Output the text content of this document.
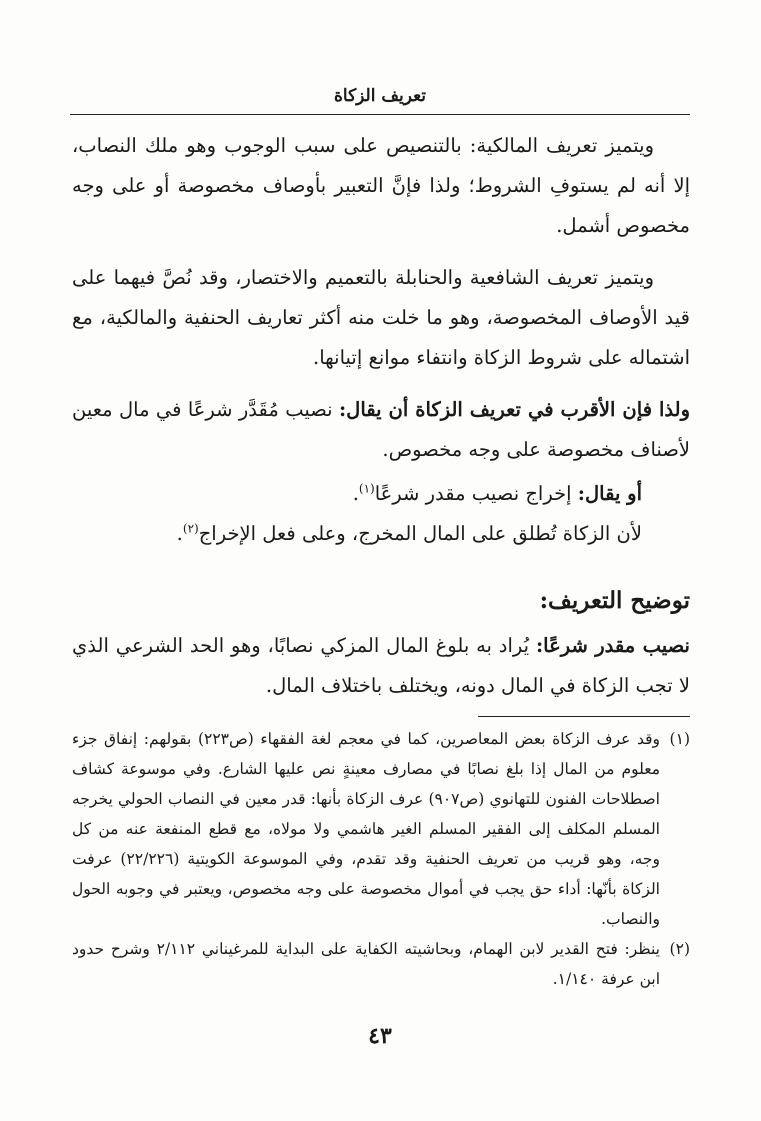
تعريف الزكاة

ويتميز تعريف المالكية: بالتنصيص على سبب الوجوب وهو ملك النصاب، إلا أنه لم يستوفِ الشروط؛ ولذا فإنَّ التعبير بأوصاف مخصوصة أو على وجه مخصوص أشمل.

ويتميز تعريف الشافعية والحنابلة بالتعميم والاختصار، وقد نُصَّ فيهما على قيد الأوصاف المخصوصة، وهو ما خلت منه أكثر تعاريف الحنفية والمالكية، مع اشتماله على شروط الزكاة وانتفاء موانع إتيانها.

ولذا فإن الأقرب في تعريف الزكاة أن يقال: نصيب مُقَدَّر شرعًا في مال معين لأصناف مخصوصة على وجه مخصوص.

أو يقال: إخراج نصيب مقدر شرعًا$^{(١)}$.

لأن الزكاة تُطلق على المال المخرج، وعلى فعل الإخراج$^{(٢)}$.

توضيح التعريف:

نصيب مقدر شرعًا: يُراد به بلوغ المال المزكي نصابًا، وهو الحد الشرعي الذي لا تجب الزكاة في المال دونه، ويختلف باختلاف المال.

(١)
وقد عرف الزكاة بعض المعاصرين، كما في معجم لغة الفقهاء (ص٢٢٣) بقولهم: إنفاق جزء معلوم من المال إذا بلغ نصابًا في مصارف معينةٍ نص عليها الشارع. وفي موسوعة كشاف اصطلاحات الفنون للتهانوي (ص٩٠٧) عرف الزكاة بأنها: قدر معين في النصاب الحولي يخرجه المسلم المكلف إلى الفقير المسلم الغير هاشمي ولا مولاه، مع قطع المنفعة عنه من كل وجه، وهو قريب من تعريف الحنفية وقد تقدم، وفي الموسوعة الكويتية (٢٢/٢٢٦) عرفت الزكاة بأنّها: أداء حق يجب في أموال مخصوصة على وجه مخصوص، ويعتبر في وجوبه الحول والنصاب.

(٢)
ينظر: فتح القدير لابن الهمام، وبحاشيته الكفاية على البداية للمرغيناني ٢/١١٢ وشرح حدود ابن عرفة ١/١٤٠.

٤٣
